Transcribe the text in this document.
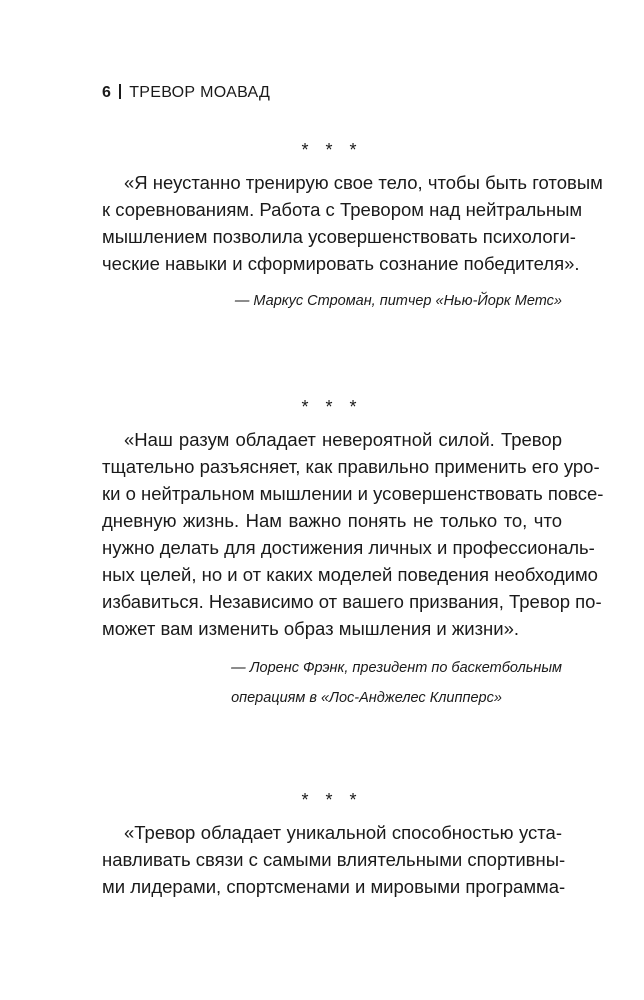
6 ТРЕВОР МОАВАД
* * *
«Я неустанно тренирую свое тело, чтобы быть готовым
к соревнованиям. Работа с Тревором над нейтральным
мышлением позволила усовершенствовать психологи-
ческие навыки и сформировать сознание победителя».
— Маркус Строман, питчер «Нью-Йорк Метс»
* * *
«Наш разум обладает невероятной силой. Тревор
тщательно разъясняет, как правильно применить его уро-
ки о нейтральном мышлении и усовершенствовать повсе-
дневную жизнь. Нам важно понять не только то, что
нужно делать для достижения личных и профессиональ-
ных целей, но и от каких моделей поведения необходимо
избавиться. Независимо от вашего призвания, Тревор по-
может вам изменить образ мышления и жизни».
— Лоренс Фрэнк, президент по баскетбольным
операциям в «Лос-Анджелес Клипперс»
* * *
«Тревор обладает уникальной способностью уста-
навливать связи с самыми влиятельными спортивны-
ми лидерами, спортсменами и мировыми программа-
